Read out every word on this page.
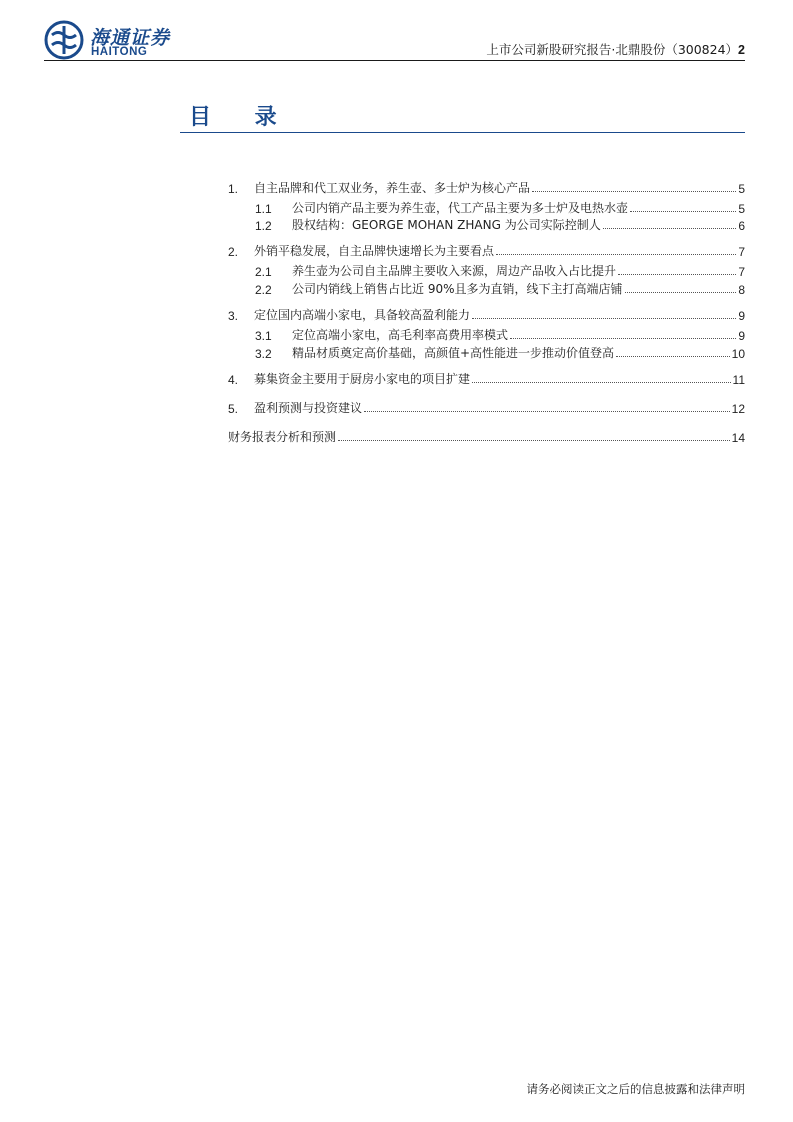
海通证券
HAITONG	上市公司新股研究报告·北鼎股份（300824）2
目 录
1.	自主品牌和代工双业务，养生壶、多士炉为核心产品	5
1.1	公司内销产品主要为养生壶，代工产品主要为多士炉及电热水壶	5
1.2	股权结构：GEORGE MOHAN ZHANG 为公司实际控制人	6
2.	外销平稳发展，自主品牌快速增长为主要看点	7
2.1	养生壶为公司自主品牌主要收入来源，周边产品收入占比提升	7
2.2	公司内销线上销售占比近 90%且多为直销，线下主打高端店铺	8
3.	定位国内高端小家电，具备较高盈利能力	9
3.1	定位高端小家电，高毛利率高费用率模式	9
3.2	精品材质奠定高价基础，高颜值+高性能进一步推动价值登高	10
4.	募集资金主要用于厨房小家电的项目扩建	11
5.	盈利预测与投资建议	12
财务报表分析和预测	14
请务必阅读正文之后的信息披露和法律声明
